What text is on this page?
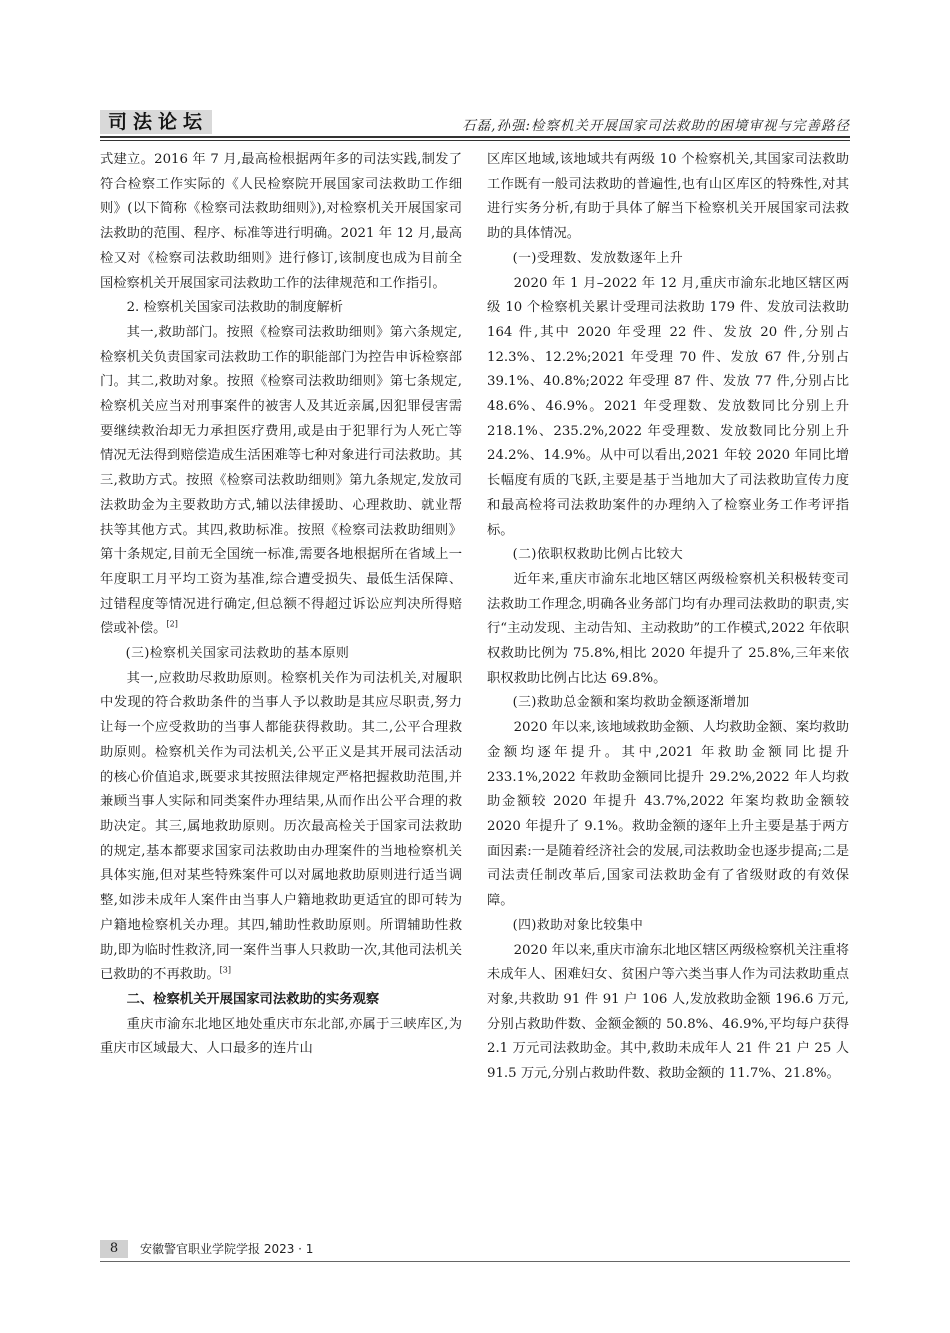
司法论坛	石磊,孙强:检察机关开展国家司法救助的困境审视与完善路径

式建立。2016 年 7 月,最高检根据两年多的司法实践,制发了符合检察工作实际的《人民检察院开展国家司法救助工作细则》(以下简称《检察司法救助细则》),对检察机关开展国家司法救助的范围、程序、标准等进行明确。2021 年 12 月,最高检又对《检察司法救助细则》进行修订,该制度也成为目前全国检察机关开展国家司法救助工作的法律规范和工作指引。

2. 检察机关国家司法救助的制度解析

其一,救助部门。按照《检察司法救助细则》第六条规定,检察机关负责国家司法救助工作的职能部门为控告申诉检察部门。其二,救助对象。按照《检察司法救助细则》第七条规定,检察机关应当对刑事案件的被害人及其近亲属,因犯罪侵害需要继续救治却无力承担医疗费用,或是由于犯罪行为人死亡等情况无法得到赔偿造成生活困难等七种对象进行司法救助。其三,救助方式。按照《检察司法救助细则》第九条规定,发放司法救助金为主要救助方式,辅以法律援助、心理救助、就业帮扶等其他方式。其四,救助标准。按照《检察司法救助细则》第十条规定,目前无全国统一标准,需要各地根据所在省域上一年度职工月平均工资为基准,综合遭受损失、最低生活保障、过错程度等情况进行确定,但总额不得超过诉讼应判决所得赔偿或补偿。[2]

(三)检察机关国家司法救助的基本原则

其一,应救助尽救助原则。检察机关作为司法机关,对履职中发现的符合救助条件的当事人予以救助是其应尽职责,努力让每一个应受救助的当事人都能获得救助。其二,公平合理救助原则。检察机关作为司法机关,公平正义是其开展司法活动的核心价值追求,既要求其按照法律规定严格把握救助范围,并兼顾当事人实际和同类案件办理结果,从而作出公平合理的救助决定。其三,属地救助原则。历次最高检关于国家司法救助的规定,基本都要求国家司法救助由办理案件的当地检察机关具体实施,但对某些特殊案件可以对属地救助原则进行适当调整,如涉未成年人案件由当事人户籍地救助更适宜的即可转为户籍地检察机关办理。其四,辅助性救助原则。所谓辅助性救助,即为临时性救济,同一案件当事人只救助一次,其他司法机关已救助的不再救助。[3]

二、检察机关开展国家司法救助的实务观察

重庆市渝东北地区地处重庆市东北部,亦属于三峡库区,为重庆市区域最大、人口最多的连片山

区库区地域,该地域共有两级 10 个检察机关,其国家司法救助工作既有一般司法救助的普遍性,也有山区库区的特殊性,对其进行实务分析,有助于具体了解当下检察机关开展国家司法救助的具体情况。

(一)受理数、发放数逐年上升

2020 年 1 月–2022 年 12 月,重庆市渝东北地区辖区两级 10 个检察机关累计受理司法救助 179 件、发放司法救助 164 件,其中 2020 年受理 22 件、发放 20 件,分别占 12.3%、12.2%;2021 年受理 70 件、发放 67 件,分别占 39.1%、40.8%;2022 年受理 87 件、发放 77 件,分别占比 48.6%、46.9%。2021 年受理数、发放数同比分别上升 218.1%、235.2%,2022 年受理数、发放数同比分别上升 24.2%、14.9%。从中可以看出,2021 年较 2020 年同比增长幅度有质的飞跃,主要是基于当地加大了司法救助宣传力度和最高检将司法救助案件的办理纳入了检察业务工作考评指标。

(二)依职权救助比例占比较大

近年来,重庆市渝东北地区辖区两级检察机关积极转变司法救助工作理念,明确各业务部门均有办理司法救助的职责,实行“主动发现、主动告知、主动救助”的工作模式,2022 年依职权救助比例为 75.8%,相比 2020 年提升了 25.8%,三年来依职权救助比例占比达 69.8%。

(三)救助总金额和案均救助金额逐渐增加

2020 年以来,该地域救助金额、人均救助金额、案均救助金额均逐年提升。其中,2021 年救助金额同比提升 233.1%,2022 年救助金额同比提升 29.2%,2022 年人均救助金额较 2020 年提升 43.7%,2022 年案均救助金额较 2020 年提升了 9.1%。救助金额的逐年上升主要是基于两方面因素:一是随着经济社会的发展,司法救助金也逐步提高;二是司法责任制改革后,国家司法救助金有了省级财政的有效保障。

(四)救助对象比较集中

2020 年以来,重庆市渝东北地区辖区两级检察机关注重将未成年人、困难妇女、贫困户等六类当事人作为司法救助重点对象,共救助 91 件 91 户 106 人,发放救助金额 196.6 万元,分别占救助件数、金额金额的 50.8%、46.9%,平均每户获得 2.1 万元司法救助金。其中,救助未成年人 21 件 21 户 25 人 91.5 万元,分别占救助件数、救助金额的 11.7%、21.8%。

8	安徽警官职业学院学报 2023 · 1
